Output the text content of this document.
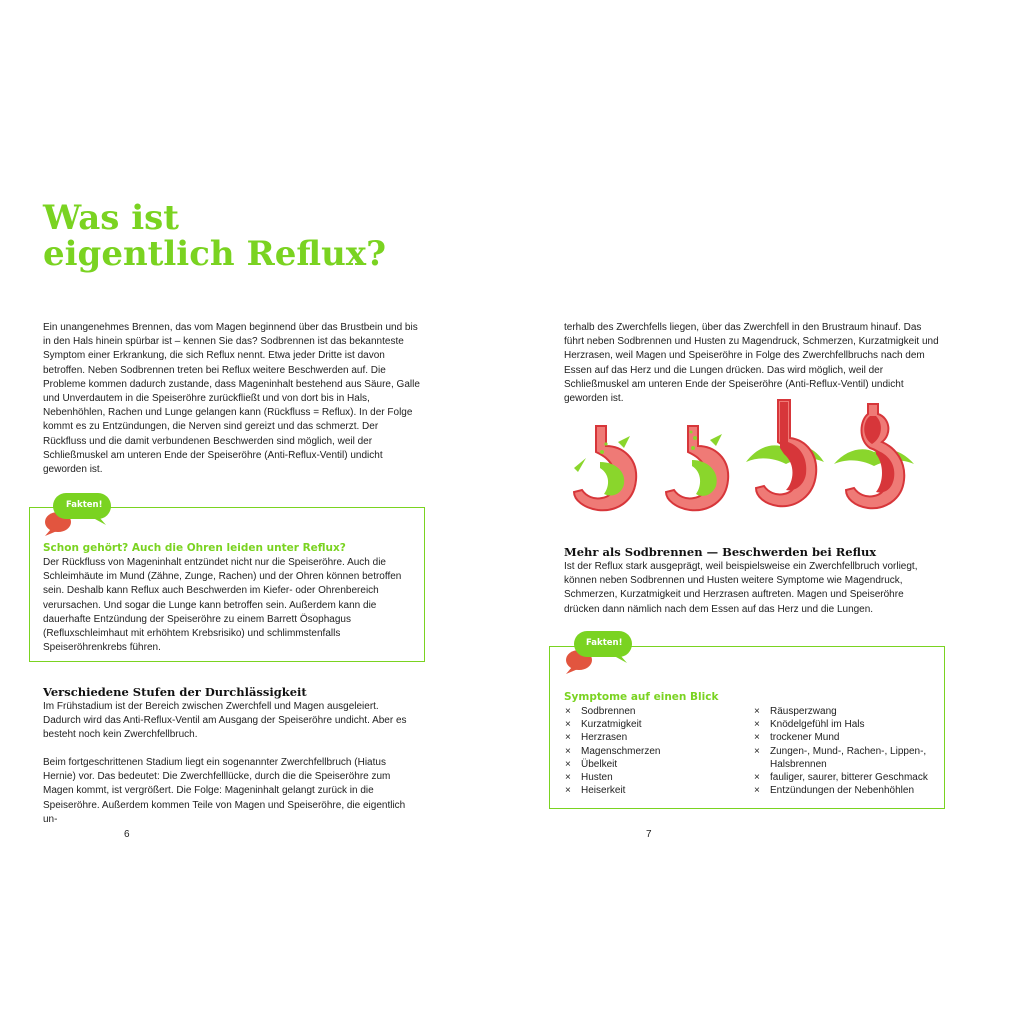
Was ist
eigentlich Reflux?

Ein unangenehmes Brennen, das vom Magen beginnend über das Brustbein und bis in den Hals hinein spürbar ist – kennen Sie das? Sodbrennen ist das bekannteste Symptom einer Erkrankung, die sich Reflux nennt. Etwa jeder Dritte ist davon betroffen. Neben Sodbrennen treten bei Reflux weitere Beschwerden auf. Die Probleme kommen dadurch zustande, dass Mageninhalt bestehend aus Säure, Galle und Unverdautem in die Speiseröhre zurückfließt und von dort bis in Hals, Nebenhöhlen, Rachen und Lunge gelangen kann (Rückfluss = Reflux). In der Folge kommt es zu Entzündungen, die Nerven sind gereizt und das schmerzt. Der Rückfluss und die damit verbundenen Beschwerden sind möglich, weil der Schließmuskel am unteren Ende der Speiseröhre (Anti-Reflux-Ventil) undicht geworden ist.

Fakten!

Schon gehört? Auch die Ohren leiden unter Reflux?

Der Rückfluss von Mageninhalt entzündet nicht nur die Speiseröhre. Auch die Schleimhäute im Mund (Zähne, Zunge, Rachen) und der Ohren können betroffen sein. Deshalb kann Reflux auch Beschwerden im Kiefer- oder Ohrenbereich verursachen. Und sogar die Lunge kann betroffen sein. Außerdem kann die dauerhafte Entzündung der Speiseröhre zu einem Barrett Ösophagus (Refluxschleimhaut mit erhöhtem Krebsrisiko) und schlimmstenfalls Speiseröhrenkrebs führen.

Verschiedene Stufen der Durchlässigkeit

Im Frühstadium ist der Bereich zwischen Zwerchfell und Magen ausgeleiert. Dadurch wird das Anti-Reflux-Ventil am Ausgang der Speiseröhre undicht. Aber es besteht noch kein Zwerchfellbruch.

Beim fortgeschrittenen Stadium liegt ein sogenannter Zwerchfellbruch (Hiatus Hernie) vor. Das bedeutet: Die Zwerchfelllücke, durch die die Speiseröhre zum Magen kommt, ist vergrößert. Die Folge: Mageninhalt gelangt zurück in die Speiseröhre. Außerdem kommen Teile von Magen und Speiseröhre, die eigentlich un-

6

terhalb des Zwerchfells liegen, über das Zwerchfell in den Brustraum hinauf. Das führt neben Sodbrennen und Husten zu Magendruck, Schmerzen, Kurzatmigkeit und Herzrasen, weil Magen und Speiseröhre in Folge des Zwerchfellbruchs nach dem Essen auf das Herz und die Lungen drücken. Das wird möglich, weil der Schließmuskel am unteren Ende der Speiseröhre (Anti-Reflux-Ventil) undicht geworden ist.

Mehr als Sodbrennen — Beschwerden bei Reflux

Ist der Reflux stark ausgeprägt, weil beispielsweise ein Zwerchfellbruch vorliegt, können neben Sodbrennen und Husten weitere Symptome wie Magendruck, Schmerzen, Kurzatmigkeit und Herzrasen auftreten. Magen und Speiseröhre drücken dann nämlich nach dem Essen auf das Herz und die Lungen.

Fakten!

Symptome auf einen Blick

× Sodbrennen
× Kurzatmigkeit
× Herzrasen
× Magenschmerzen
× Übelkeit
× Husten
× Heiserkeit
× Räusperzwang
× Knödelgefühl im Hals
× trockener Mund
× Zungen-, Mund-, Rachen-, Lippen-, Halsbrennen
× fauliger, saurer, bitterer Geschmack
× Entzündungen der Nebenhöhlen
7
